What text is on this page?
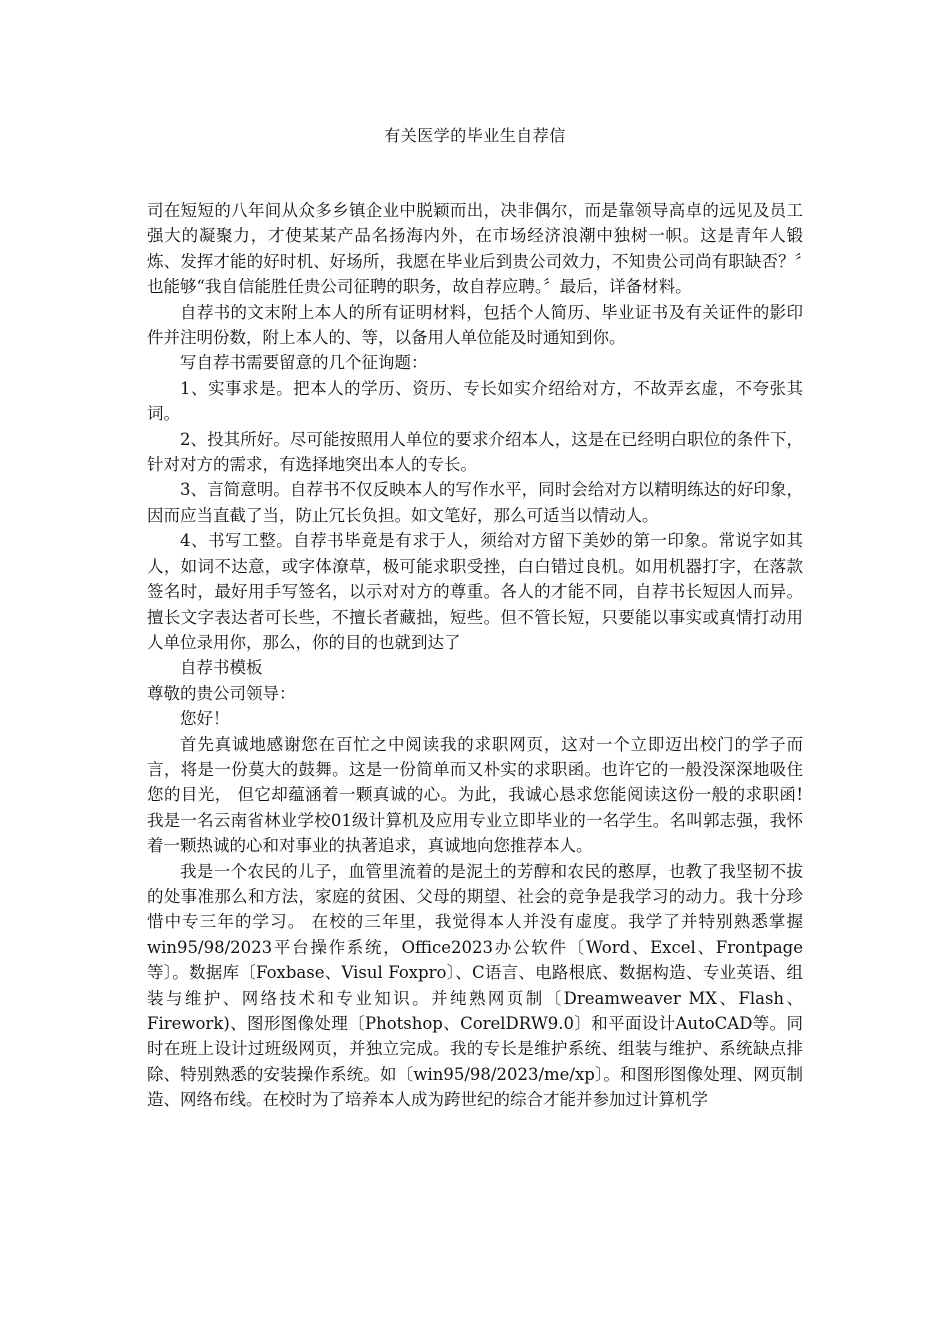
有关医学的毕业生自荐信

司在短短的八年间从众多乡镇企业中脱颖而出，决非偶尔，而是靠领导高卓的远见及员工强大的凝聚力，才使某某产品名扬海内外，在市场经济浪潮中独树一帜。这是青年人锻炼、发挥才能的好时机、好场所，我愿在毕业后到贵公司效力，不知贵公司尚有职缺否？〞也能够“我自信能胜任贵公司征聘的职务，故自荐应聘。〞最后，详备材料。

自荐书的文末附上本人的所有证明材料，包括个人简历、毕业证书及有关证件的影印件并注明份数，附上本人的、等，以备用人单位能及时通知到你。

写自荐书需要留意的几个征询题：

1、实事求是。把本人的学历、资历、专长如实介绍给对方，不故弄玄虚，不夸张其词。

2、投其所好。尽可能按照用人单位的要求介绍本人，这是在已经明白职位的条件下，针对对方的需求，有选择地突出本人的专长。

3、言简意明。自荐书不仅反映本人的写作水平，同时会给对方以精明练达的好印象，因而应当直截了当，防止冗长负担。如文笔好，那么可适当以情动人。

4、书写工整。自荐书毕竟是有求于人，须给对方留下美妙的第一印象。常说字如其人，如词不达意，或字体潦草，极可能求职受挫，白白错过良机。如用机器打字，在落款签名时，最好用手写签名，以示对对方的尊重。各人的才能不同，自荐书长短因人而异。擅长文字表达者可长些，不擅长者藏拙，短些。但不管长短，只要能以事实或真情打动用人单位录用你，那么，你的目的也就到达了

自荐书模板

尊敬的贵公司领导：

您好！

首先真诚地感谢您在百忙之中阅读我的求职网页，这对一个立即迈出校门的学子而言，将是一份莫大的鼓舞。这是一份简单而又朴实的求职函。也许它的一般没深深地吸住您的目光， 但它却蕴涵着一颗真诚的心。为此，我诚心恳求您能阅读这份一般的求职函! 我是一名云南省林业学校01级计算机及应用专业立即毕业的一名学生。名叫郭志强，我怀着一颗热诚的心和对事业的执著追求，真诚地向您推荐本人。

我是一个农民的儿子，血管里流着的是泥土的芳醇和农民的憨厚，也教了我坚韧不拔的处事准那么和方法，家庭的贫困、父母的期望、社会的竞争是我学习的动力。我十分珍惜中专三年的学习。 在校的三年里，我觉得本人并没有虚度。我学了并特别熟悉掌握win95/98/2023平台操作系统，Office2023办公软件〔Word、Excel、Frontpage等〕。数据库〔Foxbase、Visul Foxpro〕、C语言、电路根底、数据构造、专业英语、组装与维护、网络技术和专业知识。并纯熟网页制〔Dreamweaver MX、Flash、Firework)、图形图像处理〔Photshop、CorelDRW9.0〕和平面设计AutoCAD等。同时在班上设计过班级网页，并独立完成。我的专长是维护系统、组装与维护、系统缺点排除、特别熟悉的安装操作系统。如〔win95/98/2023/me/xp〕。和图形图像处理、网页制造、网络布线。在校时为了培养本人成为跨世纪的综合才能并参加过计算机学
